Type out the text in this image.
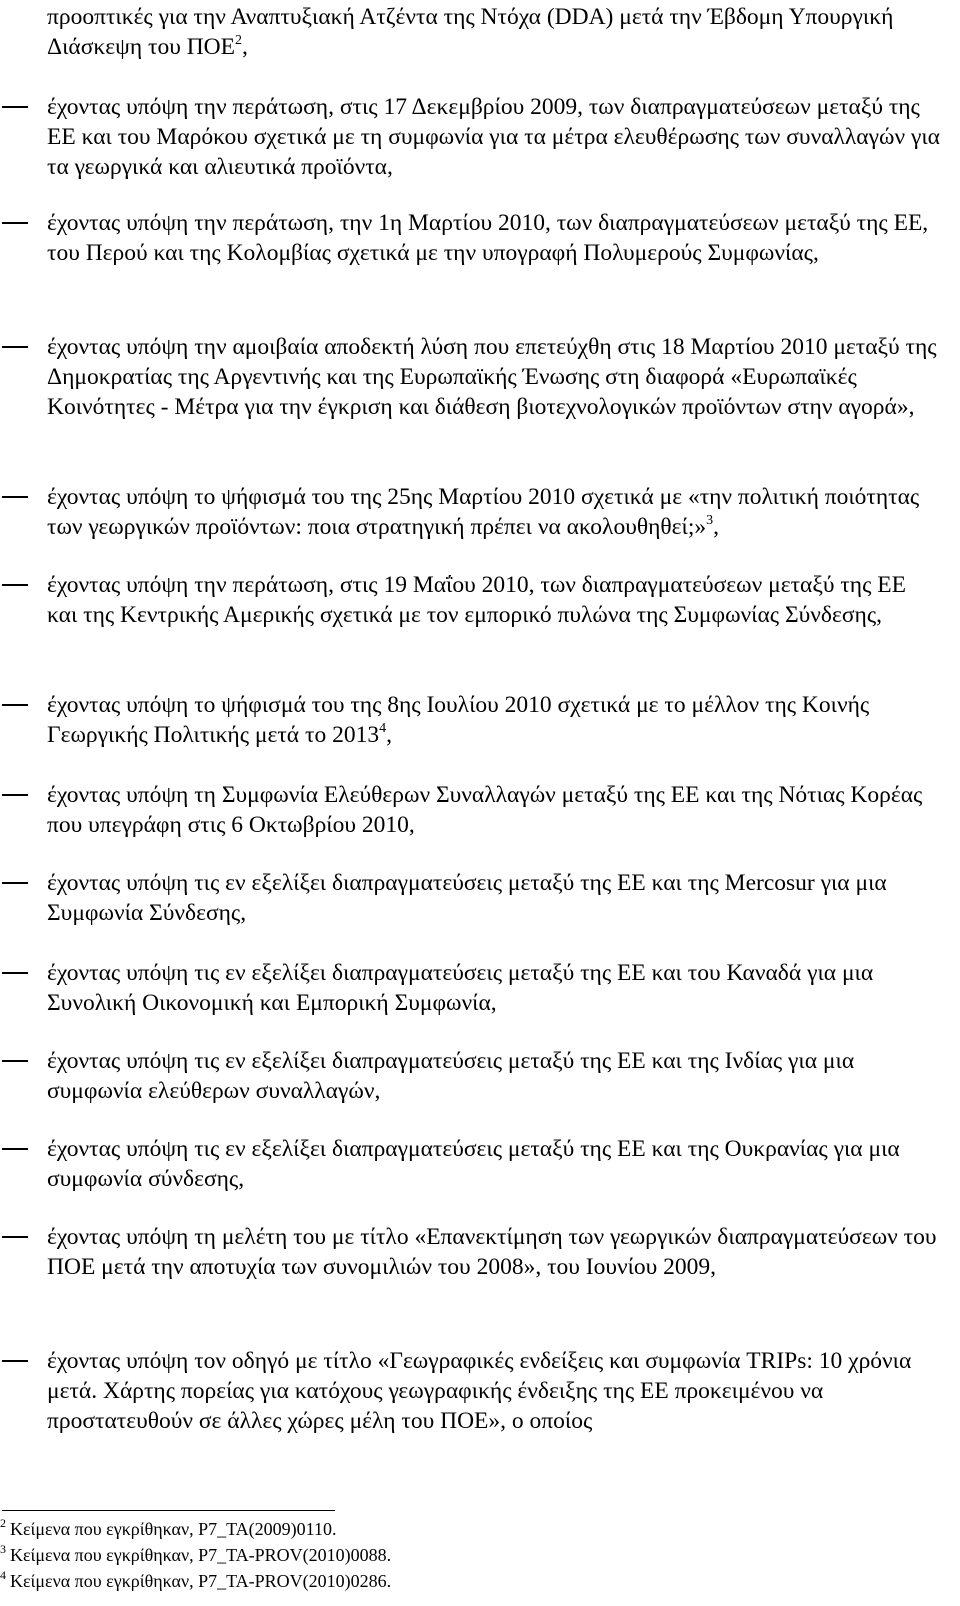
προοπτικές για την Αναπτυξιακή Ατζέντα της Ντόχα (DDA) μετά την Έβδομη Υπουργική Διάσκεψη του ΠΟΕ$^2$,
έχοντας υπόψη την περάτωση, στις 17 Δεκεμβρίου 2009, των διαπραγματεύσεων μεταξύ της ΕΕ και του Μαρόκου σχετικά με τη συμφωνία για τα μέτρα ελευθέρωσης των συναλλαγών για τα γεωργικά και αλιευτικά προϊόντα,
έχοντας υπόψη την περάτωση, την 1η Μαρτίου 2010, των διαπραγματεύσεων μεταξύ της ΕΕ, του Περού και της Κολομβίας σχετικά με την υπογραφή Πολυμερούς Συμφωνίας,
έχοντας υπόψη την αμοιβαία αποδεκτή λύση που επετεύχθη στις 18 Μαρτίου 2010 μεταξύ της Δημοκρατίας της Αργεντινής και της Ευρωπαϊκής Ένωσης στη διαφορά «Ευρωπαϊκές Κοινότητες - Μέτρα για την έγκριση και διάθεση βιοτεχνολογικών προϊόντων στην αγορά»,
έχοντας υπόψη το ψήφισμά του της 25ης Μαρτίου 2010 σχετικά με «την πολιτική ποιότητας των γεωργικών προϊόντων: ποια στρατηγική πρέπει να ακολουθηθεί;»$^3$,
έχοντας υπόψη την περάτωση, στις 19 Μαΐου 2010, των διαπραγματεύσεων μεταξύ της ΕΕ και της Κεντρικής Αμερικής σχετικά με τον εμπορικό πυλώνα της Συμφωνίας Σύνδεσης,
έχοντας υπόψη το ψήφισμά του της 8ης Ιουλίου 2010 σχετικά με το μέλλον της Κοινής Γεωργικής Πολιτικής μετά το 2013$^4$,
έχοντας υπόψη τη Συμφωνία Ελεύθερων Συναλλαγών μεταξύ της ΕΕ και της Νότιας Κορέας που υπεγράφη στις 6 Οκτωβρίου 2010,
έχοντας υπόψη τις εν εξελίξει διαπραγματεύσεις μεταξύ της ΕΕ και της Mercosur για μια Συμφωνία Σύνδεσης,
έχοντας υπόψη τις εν εξελίξει διαπραγματεύσεις μεταξύ της ΕΕ και του Καναδά για μια Συνολική Οικονομική και Εμπορική Συμφωνία,
έχοντας υπόψη τις εν εξελίξει διαπραγματεύσεις μεταξύ της ΕΕ και της Ινδίας για μια συμφωνία ελεύθερων συναλλαγών,
έχοντας υπόψη τις εν εξελίξει διαπραγματεύσεις μεταξύ της ΕΕ και της Ουκρανίας για μια συμφωνία σύνδεσης,
έχοντας υπόψη τη μελέτη του με τίτλο «Επανεκτίμηση των γεωργικών διαπραγματεύσεων του ΠΟΕ μετά την αποτυχία των συνομιλιών του 2008», του Ιουνίου 2009,
έχοντας υπόψη τον οδηγό με τίτλο «Γεωγραφικές ενδείξεις και συμφωνία TRIPs: 10 χρόνια μετά. Χάρτης πορείας για κατόχους γεωγραφικής ένδειξης της ΕΕ προκειμένου να προστατευθούν σε άλλες χώρες μέλη του ΠΟΕ», ο οποίος
2 Κείμενα που εγκρίθηκαν, P7_TA(2009)0110.
3 Κείμενα που εγκρίθηκαν, P7_TA-PROV(2010)0088.
4 Κείμενα που εγκρίθηκαν, P7_TA-PROV(2010)0286.
